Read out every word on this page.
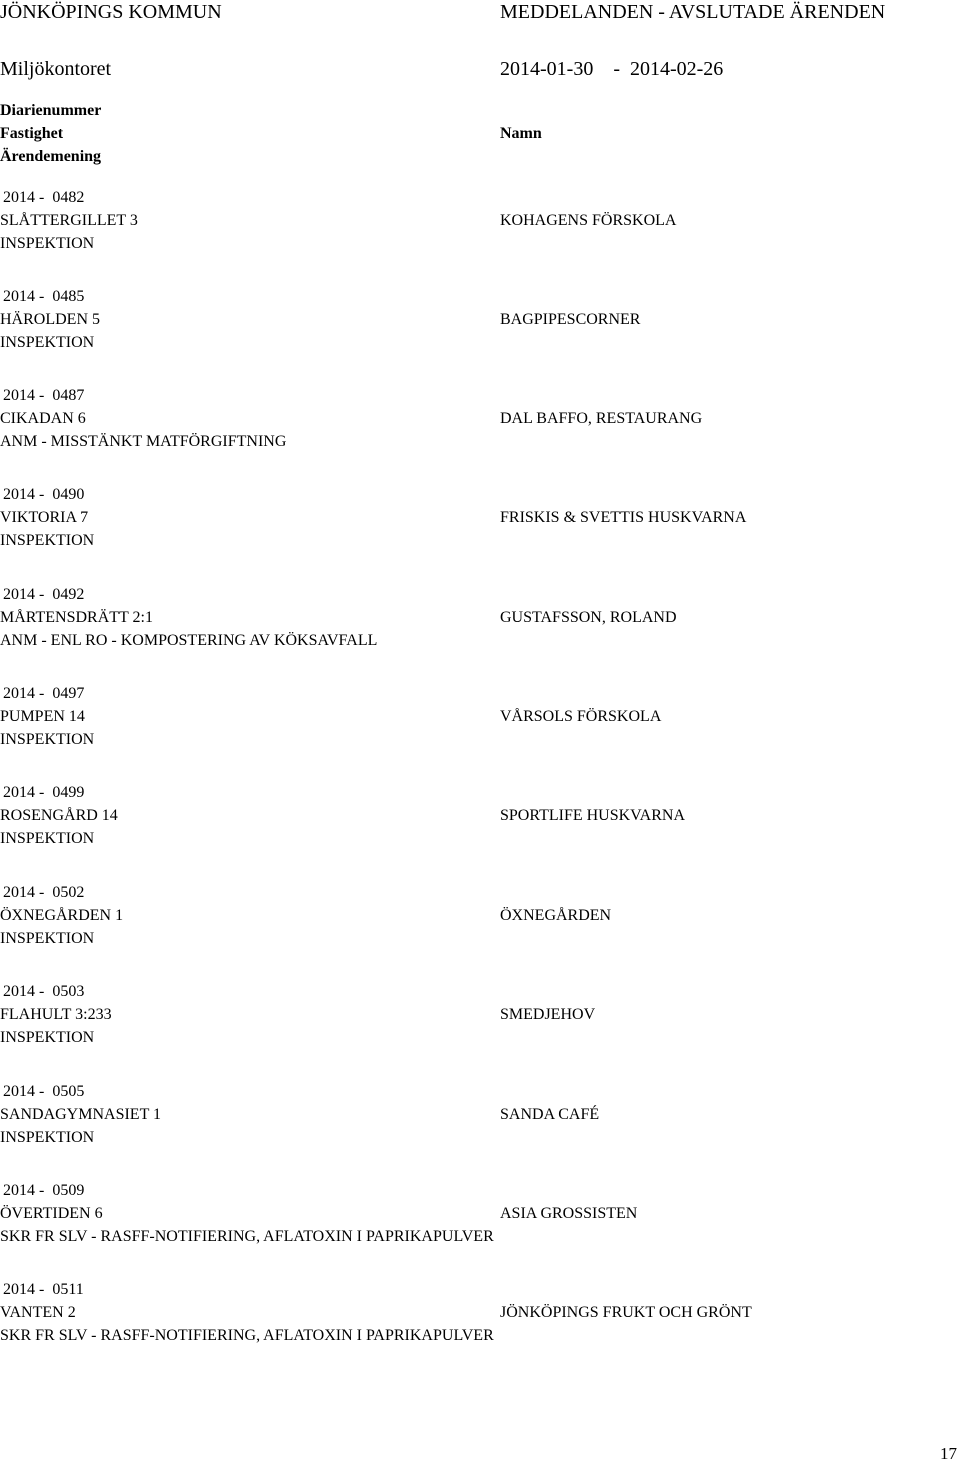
JÖNKÖPINGS KOMMUN	MEDDELANDEN - AVSLUTADE ÄRENDEN
Miljökontoret	2014-01-30    -  2014-02-26
Diarienummer
Fastighet
Ärendemening
Namn
2014 -  0482
SLÅTTERGILLET 3
INSPEKTION
KOHAGENS FÖRSKOLA
2014 -  0485
HÄROLDEN 5
INSPEKTION
BAGPIPESCORNER
2014 -  0487
CIKADAN 6
ANM - MISSTÄNKT MATFÖRGIFTNING
DAL BAFFO, RESTAURANG
2014 -  0490
VIKTORIA 7
INSPEKTION
FRISKIS & SVETTIS HUSKVARNA
2014 -  0492
MÅRTENSDRÄTT 2:1
ANM - ENL RO - KOMPOSTERING AV KÖKSAVFALL
GUSTAFSSON, ROLAND
2014 -  0497
PUMPEN 14
INSPEKTION
VÅRSOLS FÖRSKOLA
2014 -  0499
ROSENGÅRD 14
INSPEKTION
SPORTLIFE HUSKVARNA
2014 -  0502
ÖXNEGÅRDEN 1
INSPEKTION
ÖXNEGÅRDEN
2014 -  0503
FLAHULT 3:233
INSPEKTION
SMEDJEHOV
2014 -  0505
SANDAGYMNASIET 1
INSPEKTION
SANDA CAFÉ
2014 -  0509
ÖVERTIDEN 6
SKR FR SLV - RASFF-NOTIFIERING, AFLATOXIN I PAPRIKAPULVER
ASIA GROSSISTEN
2014 -  0511
VANTEN 2
SKR FR SLV - RASFF-NOTIFIERING, AFLATOXIN I PAPRIKAPULVER
JÖNKÖPINGS FRUKT OCH GRÖNT
17
